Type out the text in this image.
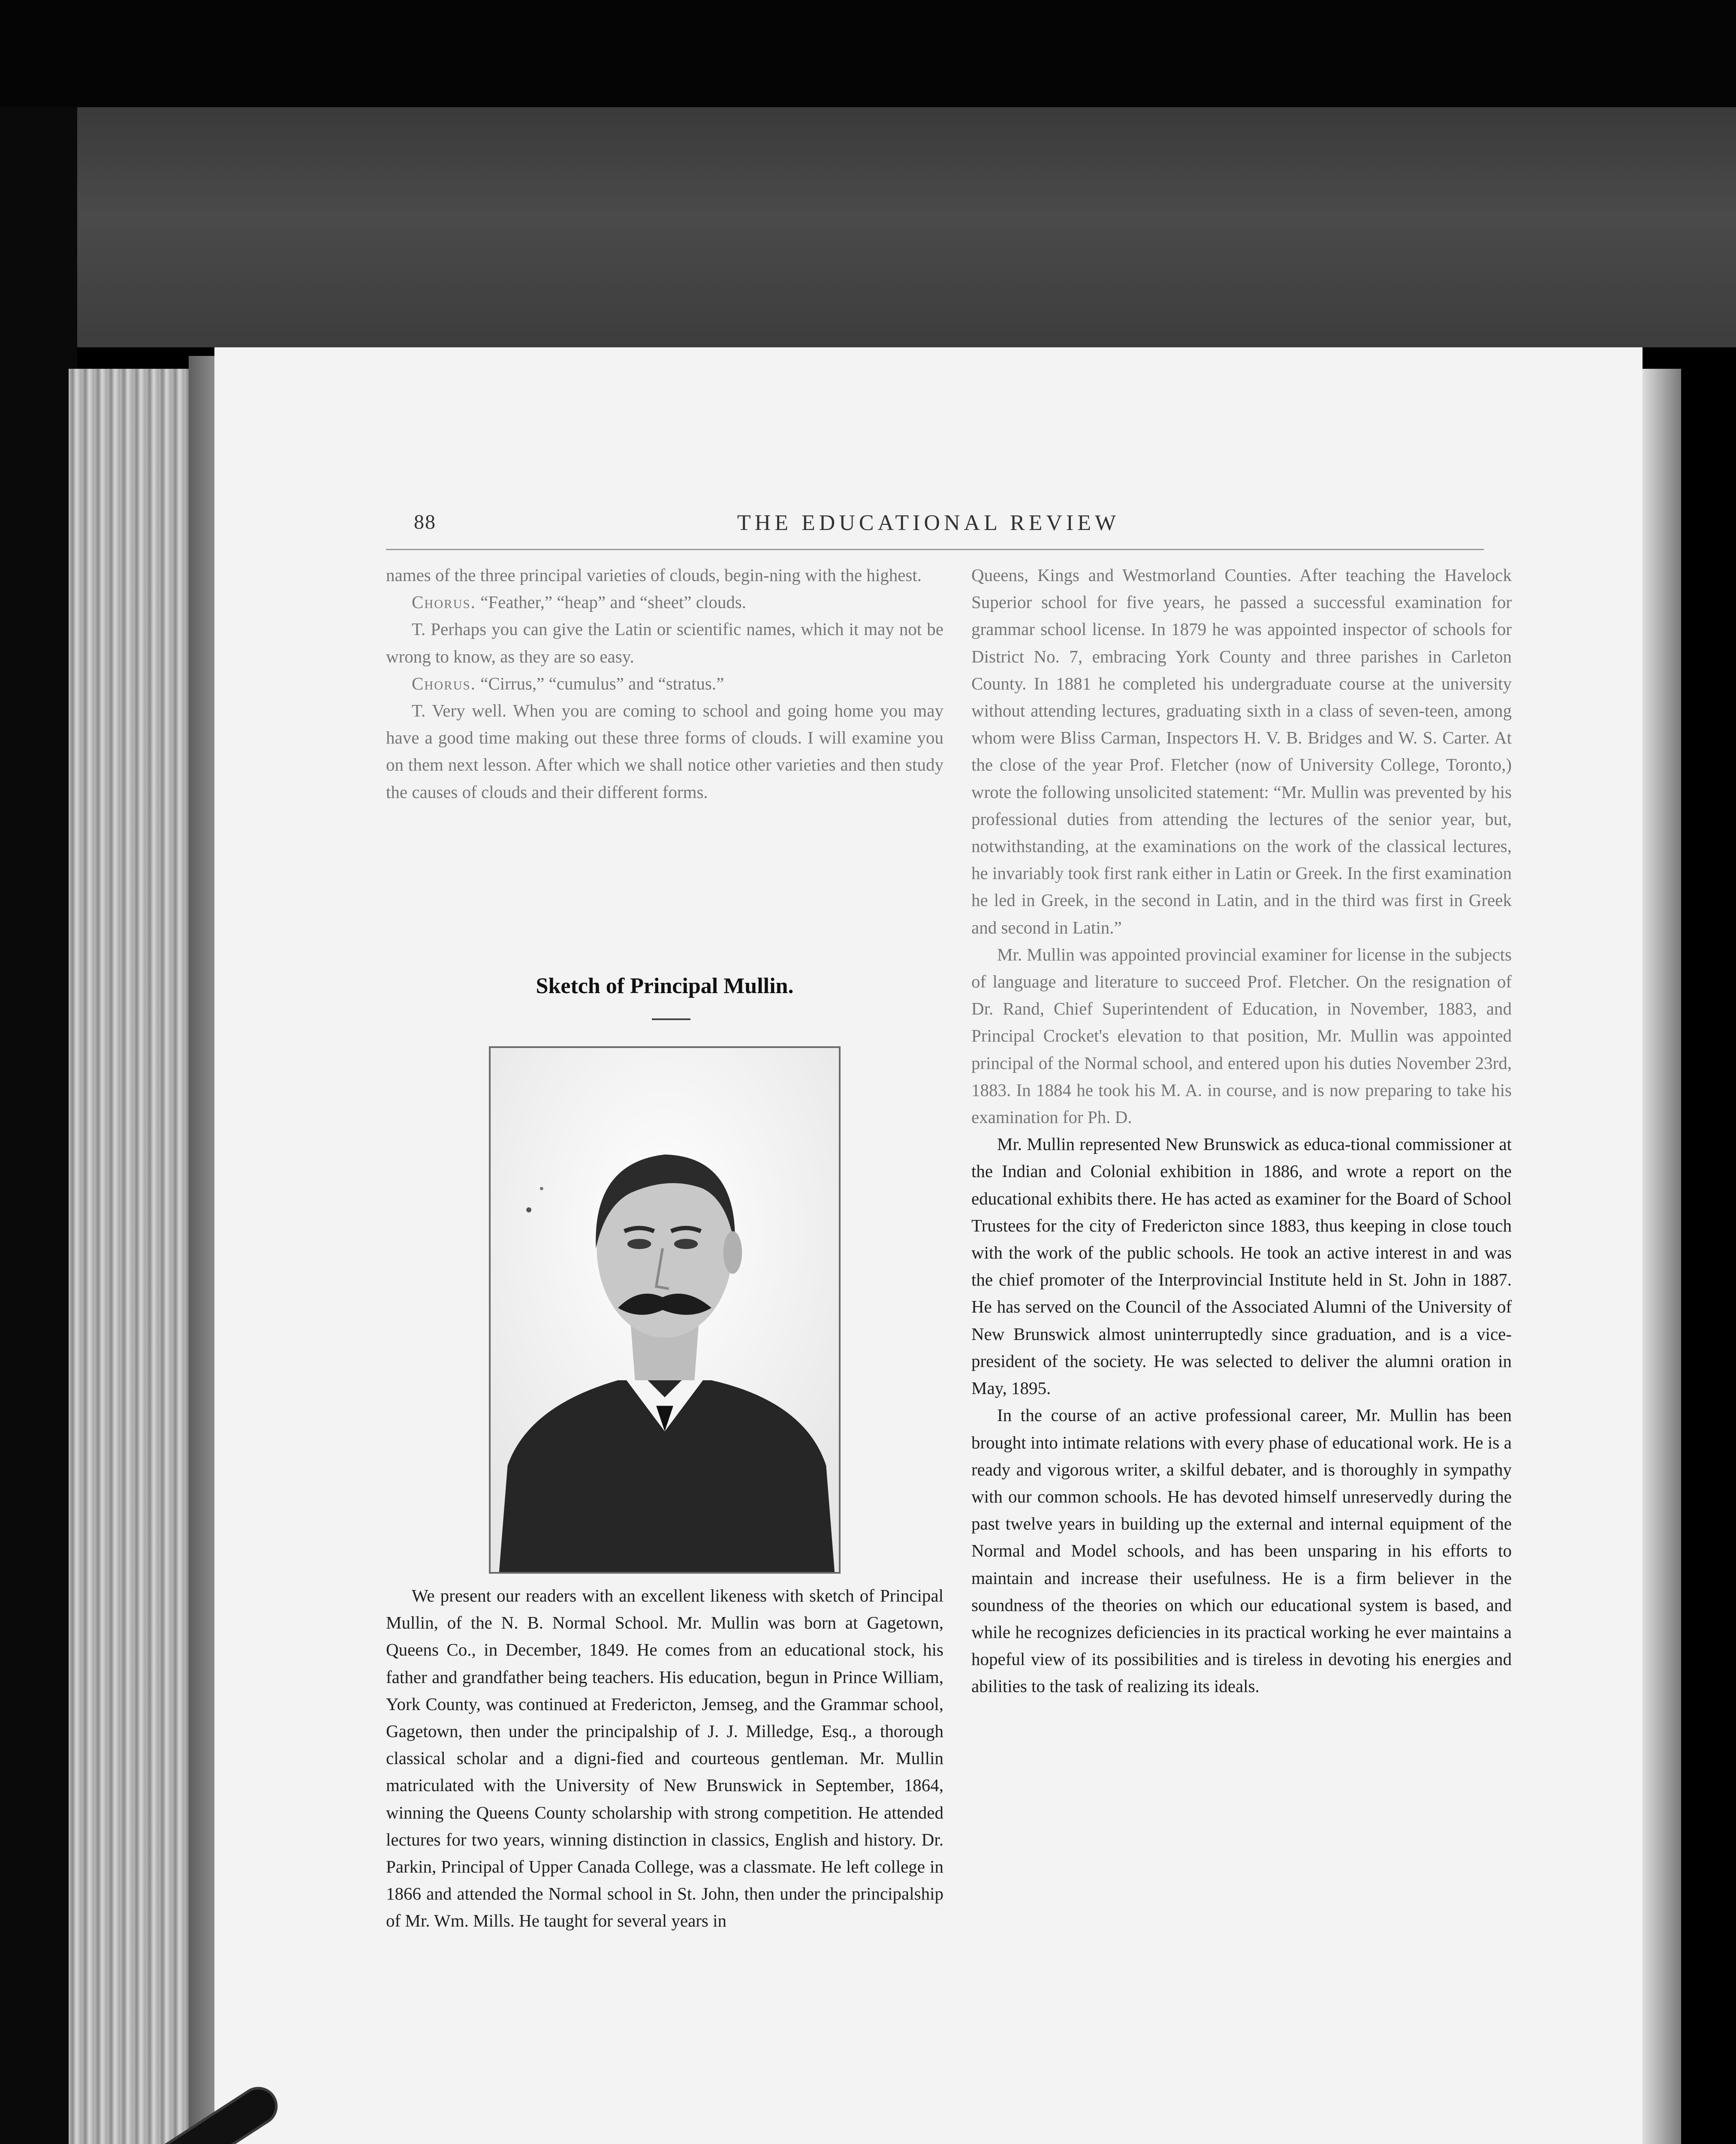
88	THE EDUCATIONAL REVIEW

names of the three principal varieties of clouds, begin-ning with the highest.

Chorus. “Feather,” “heap” and “sheet” clouds.

T. Perhaps you can give the Latin or scientific names, which it may not be wrong to know, as they are so easy.

Chorus. “Cirrus,” “cumulus” and “stratus.”

T. Very well. When you are coming to school and going home you may have a good time making out these three forms of clouds. I will examine you on them next lesson. After which we shall notice other varieties and then study the causes of clouds and their different forms.

Sketch of Principal Mullin.

We present our readers with an excellent likeness with sketch of Principal Mullin, of the N. B. Normal School. Mr. Mullin was born at Gagetown, Queens Co., in December, 1849. He comes from an educational stock, his father and grandfather being teachers. His education, begun in Prince William, York County, was continued at Fredericton, Jemseg, and the Grammar school, Gagetown, then under the principalship of J. J. Milledge, Esq., a thorough classical scholar and a digni-fied and courteous gentleman. Mr. Mullin matriculated with the University of New Brunswick in September, 1864, winning the Queens County scholarship with strong competition. He attended lectures for two years, winning distinction in classics, English and history. Dr. Parkin, Principal of Upper Canada College, was a classmate. He left college in 1866 and attended the Normal school in St. John, then under the principalship of Mr. Wm. Mills. He taught for several years in

Queens, Kings and Westmorland Counties. After teaching the Havelock Superior school for five years, he passed a successful examination for grammar school license. In 1879 he was appointed inspector of schools for District No. 7, embracing York County and three parishes in Carleton County. In 1881 he completed his undergraduate course at the university without attending lectures, graduating sixth in a class of seven-teen, among whom were Bliss Carman, Inspectors H. V. B. Bridges and W. S. Carter. At the close of the year Prof. Fletcher (now of University College, Toronto,) wrote the following unsolicited statement: “Mr. Mullin was prevented by his professional duties from attending the lectures of the senior year, but, notwithstanding, at the examinations on the work of the classical lectures, he invariably took first rank either in Latin or Greek. In the first examination he led in Greek, in the second in Latin, and in the third was first in Greek and second in Latin.”

Mr. Mullin was appointed provincial examiner for license in the subjects of language and literature to succeed Prof. Fletcher. On the resignation of Dr. Rand, Chief Superintendent of Education, in November, 1883, and Principal Crocket's elevation to that position, Mr. Mullin was appointed principal of the Normal school, and entered upon his duties November 23rd, 1883. In 1884 he took his M. A. in course, and is now preparing to take his examination for Ph. D.

Mr. Mullin represented New Brunswick as educa-tional commissioner at the Indian and Colonial exhibition in 1886, and wrote a report on the educational exhibits there. He has acted as examiner for the Board of School Trustees for the city of Fredericton since 1883, thus keeping in close touch with the work of the public schools. He took an active interest in and was the chief promoter of the Interprovincial Institute held in St. John in 1887. He has served on the Council of the Associated Alumni of the University of New Brunswick almost uninterruptedly since graduation, and is a vice-president of the society. He was selected to deliver the alumni oration in May, 1895.

In the course of an active professional career, Mr. Mullin has been brought into intimate relations with every phase of educational work. He is a ready and vigorous writer, a skilful debater, and is thoroughly in sympathy with our common schools. He has devoted himself unreservedly during the past twelve years in building up the external and internal equipment of the Normal and Model schools, and has been unsparing in his efforts to maintain and increase their usefulness. He is a firm believer in the soundness of the theories on which our educational system is based, and while he recognizes deficiencies in its practical working he ever maintains a hopeful view of its possibilities and is tireless in devoting his energies and abilities to the task of realizing its ideals.
